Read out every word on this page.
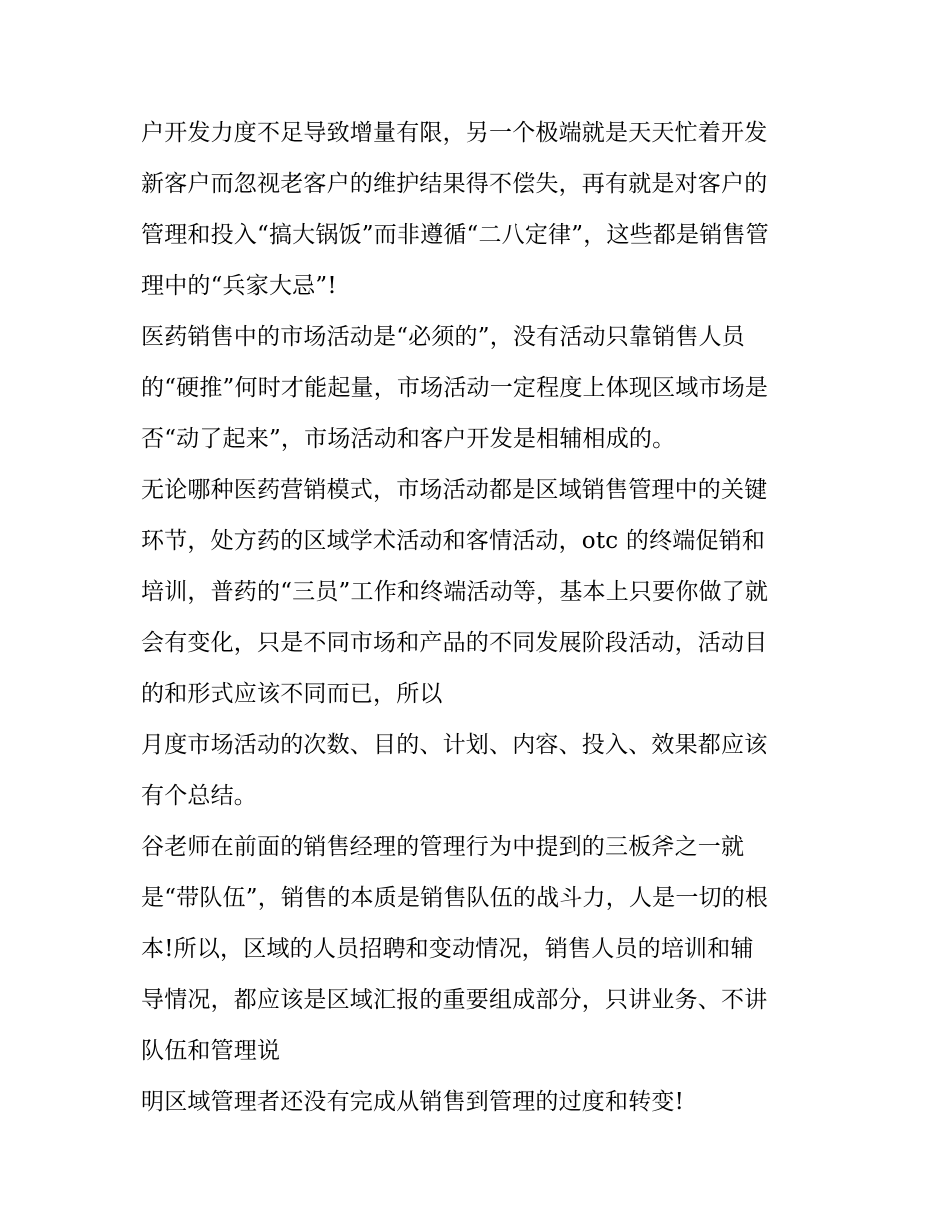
户开发力度不足导致增量有限，另一个极端就是天天忙着开发
新客户而忽视老客户的维护结果得不偿失，再有就是对客户的
管理和投入“搞大锅饭”而非遵循“二八定律”，这些都是销售管
理中的“兵家大忌”!
医药销售中的市场活动是“必须的”，没有活动只靠销售人员
的“硬推”何时才能起量，市场活动一定程度上体现区域市场是
否“动了起来”，市场活动和客户开发是相辅相成的。
无论哪种医药营销模式，市场活动都是区域销售管理中的关键
环节，处方药的区域学术活动和客情活动，otc 的终端促销和
培训，普药的“三员”工作和终端活动等，基本上只要你做了就
会有变化，只是不同市场和产品的不同发展阶段活动，活动目
的和形式应该不同而已，所以
月度市场活动的次数、目的、计划、内容、投入、效果都应该
有个总结。
谷老师在前面的销售经理的管理行为中提到的三板斧之一就
是“带队伍”，销售的本质是销售队伍的战斗力，人是一切的根
本!所以，区域的人员招聘和变动情况，销售人员的培训和辅
导情况，都应该是区域汇报的重要组成部分，只讲业务、不讲
队伍和管理说
明区域管理者还没有完成从销售到管理的过度和转变!
